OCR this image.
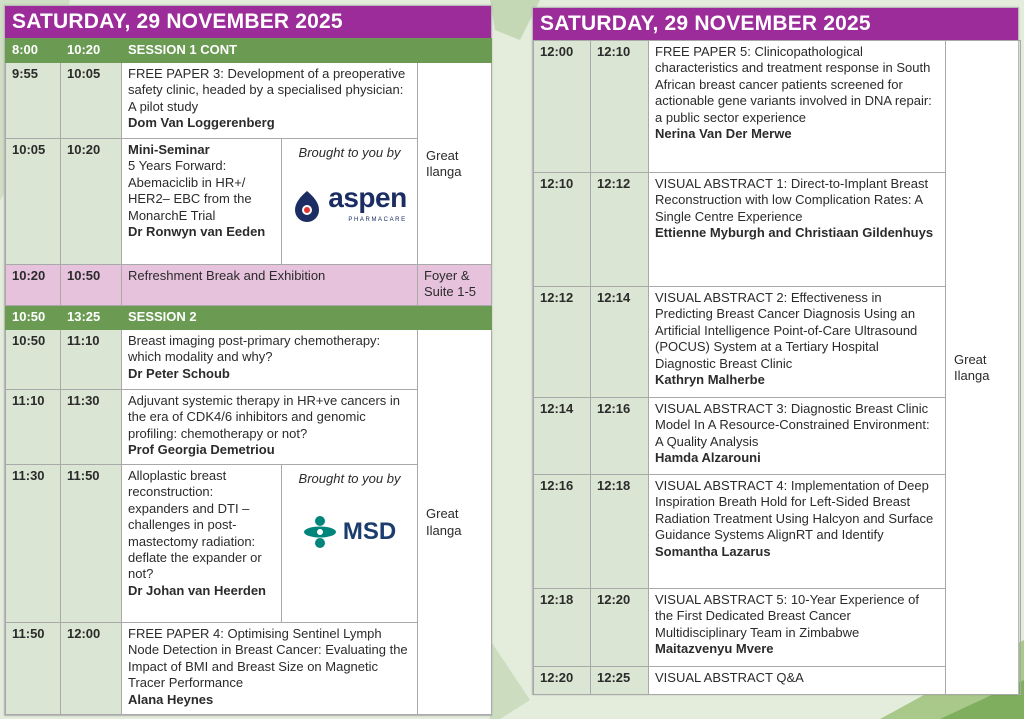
SATURDAY, 29 NOVEMBER 2025
8:00	10:20	SESSION 1 CONT		
9:55	10:05	FREE PAPER 3: Development of a preoperative safety clinic, headed by a specialised physician: A pilot study
Dom Van Loggerenberg		Great Ilanga
10:05	10:20	Mini-Seminar
5 Years Forward: Abemaciclib in HR+/ HER2– EBC from the MonarchE Trial
Dr Ronwyn van Eeden	Brought to you by
aspen
PHARMACARE	

10:20	10:50	Refreshment Break and Exhibition		Foyer & Suite 1-5
10:50	13:25	SESSION 2		
10:50	11:10	Breast imaging post-primary chemotherapy: which modality and why?
Dr Peter Schoub		Great Ilanga
11:10	11:30	Adjuvant systemic therapy in HR+ve cancers in the era of CDK4/6 inhibitors and genomic profiling: chemotherapy or not?
Prof Georgia Demetriou		

11:30	11:50	Alloplastic breast reconstruction: expanders and DTI – challenges in post-mastectomy radiation: deflate the expander or not?
Dr Johan van Heerden	Brought to you by
MSD	

11:50	12:00	FREE PAPER 4: Optimising Sentinel Lymph Node Detection in Breast Cancer: Evaluating the Impact of BMI and Breast Size on Magnetic Tracer Performance
Alana Heynes		
SATURDAY, 29 NOVEMBER 2025
12:00	12:10	FREE PAPER 5: Clinicopathological characteristics and treatment response in South African breast cancer patients screened for actionable gene variants involved in DNA repair: a public sector experience
Nerina Van Der Merwe	Great Ilanga
12:10	12:12	VISUAL ABSTRACT 1: Direct-to-Implant Breast Reconstruction with low Complication Rates: A Single Centre Experience
Ettienne Myburgh and Christiaan Gildenhuys	

12:12	12:14	VISUAL ABSTRACT 2: Effectiveness in Predicting Breast Cancer Diagnosis Using an Artificial Intelligence Point-of-Care Ultrasound (POCUS) System at a Tertiary Hospital Diagnostic Breast Clinic
Kathryn Malherbe	

12:14	12:16	VISUAL ABSTRACT 3: Diagnostic Breast Clinic Model In A Resource-Constrained Environment: A Quality Analysis
Hamda Alzarouni	

12:16	12:18	VISUAL ABSTRACT 4: Implementation of Deep Inspiration Breath Hold for Left-Sided Breast Radiation Treatment Using Halcyon and Surface Guidance Systems AlignRT and Identify
Somantha Lazarus	

12:18	12:20	VISUAL ABSTRACT 5: 10-Year Experience of the First Dedicated Breast Cancer Multidisciplinary Team in Zimbabwe
Maitazvenyu Mvere	

12:20	12:25	VISUAL ABSTRACT Q&A	
